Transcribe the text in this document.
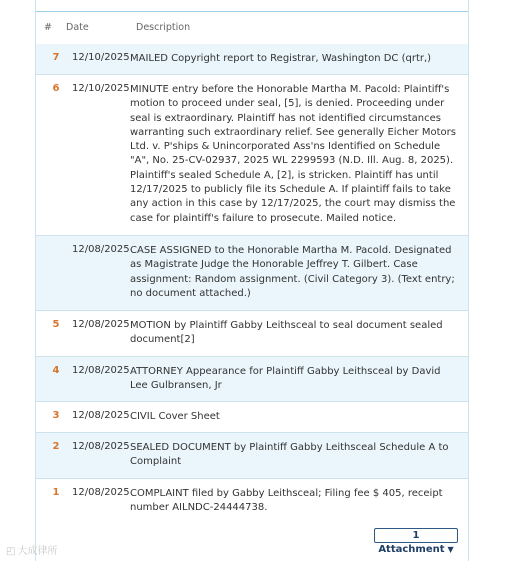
# Date	Description
7 12/10/2025 MAILED Copyright report to Registrar, Washington DC (qrtr,)
6 12/10/2025 MINUTE entry before the Honorable Martha M. Pacold: Plaintiff's motion to proceed under seal, [5], is denied. Proceeding under seal is extraordinary. Plaintiff has not identified circumstances warranting such extraordinary relief. See generally Eicher Motors Ltd. v. P'ships & Unincorporated Ass'ns Identified on Schedule "A", No. 25-CV-02937, 2025 WL 2299593 (N.D. Ill. Aug. 8, 2025). Plaintiff's sealed Schedule A, [2], is stricken. Plaintiff has until 12/17/2025 to publicly file its Schedule A. If plaintiff fails to take any action in this case by 12/17/2025, the court may dismiss the case for plaintiff's failure to prosecute. Mailed notice.
12/08/2025 CASE ASSIGNED to the Honorable Martha M. Pacold. Designated as Magistrate Judge the Honorable Jeffrey T. Gilbert. Case assignment: Random assignment. (Civil Category 3). (Text entry; no document attached.)
5 12/08/2025 MOTION by Plaintiff Gabby Leithsceal to seal document sealed document[2]
4 12/08/2025 ATTORNEY Appearance for Plaintiff Gabby Leithsceal by David Lee Gulbransen, Jr
3 12/08/2025 CIVIL Cover Sheet
2 12/08/2025 SEALED DOCUMENT by Plaintiff Gabby Leithsceal Schedule A to Complaint
1 12/08/2025 COMPLAINT filed by Gabby Leithsceal; Filing fee $ 405, receipt number AILNDC-24444738.
1 Attachment ▼
◰ 大成律所
